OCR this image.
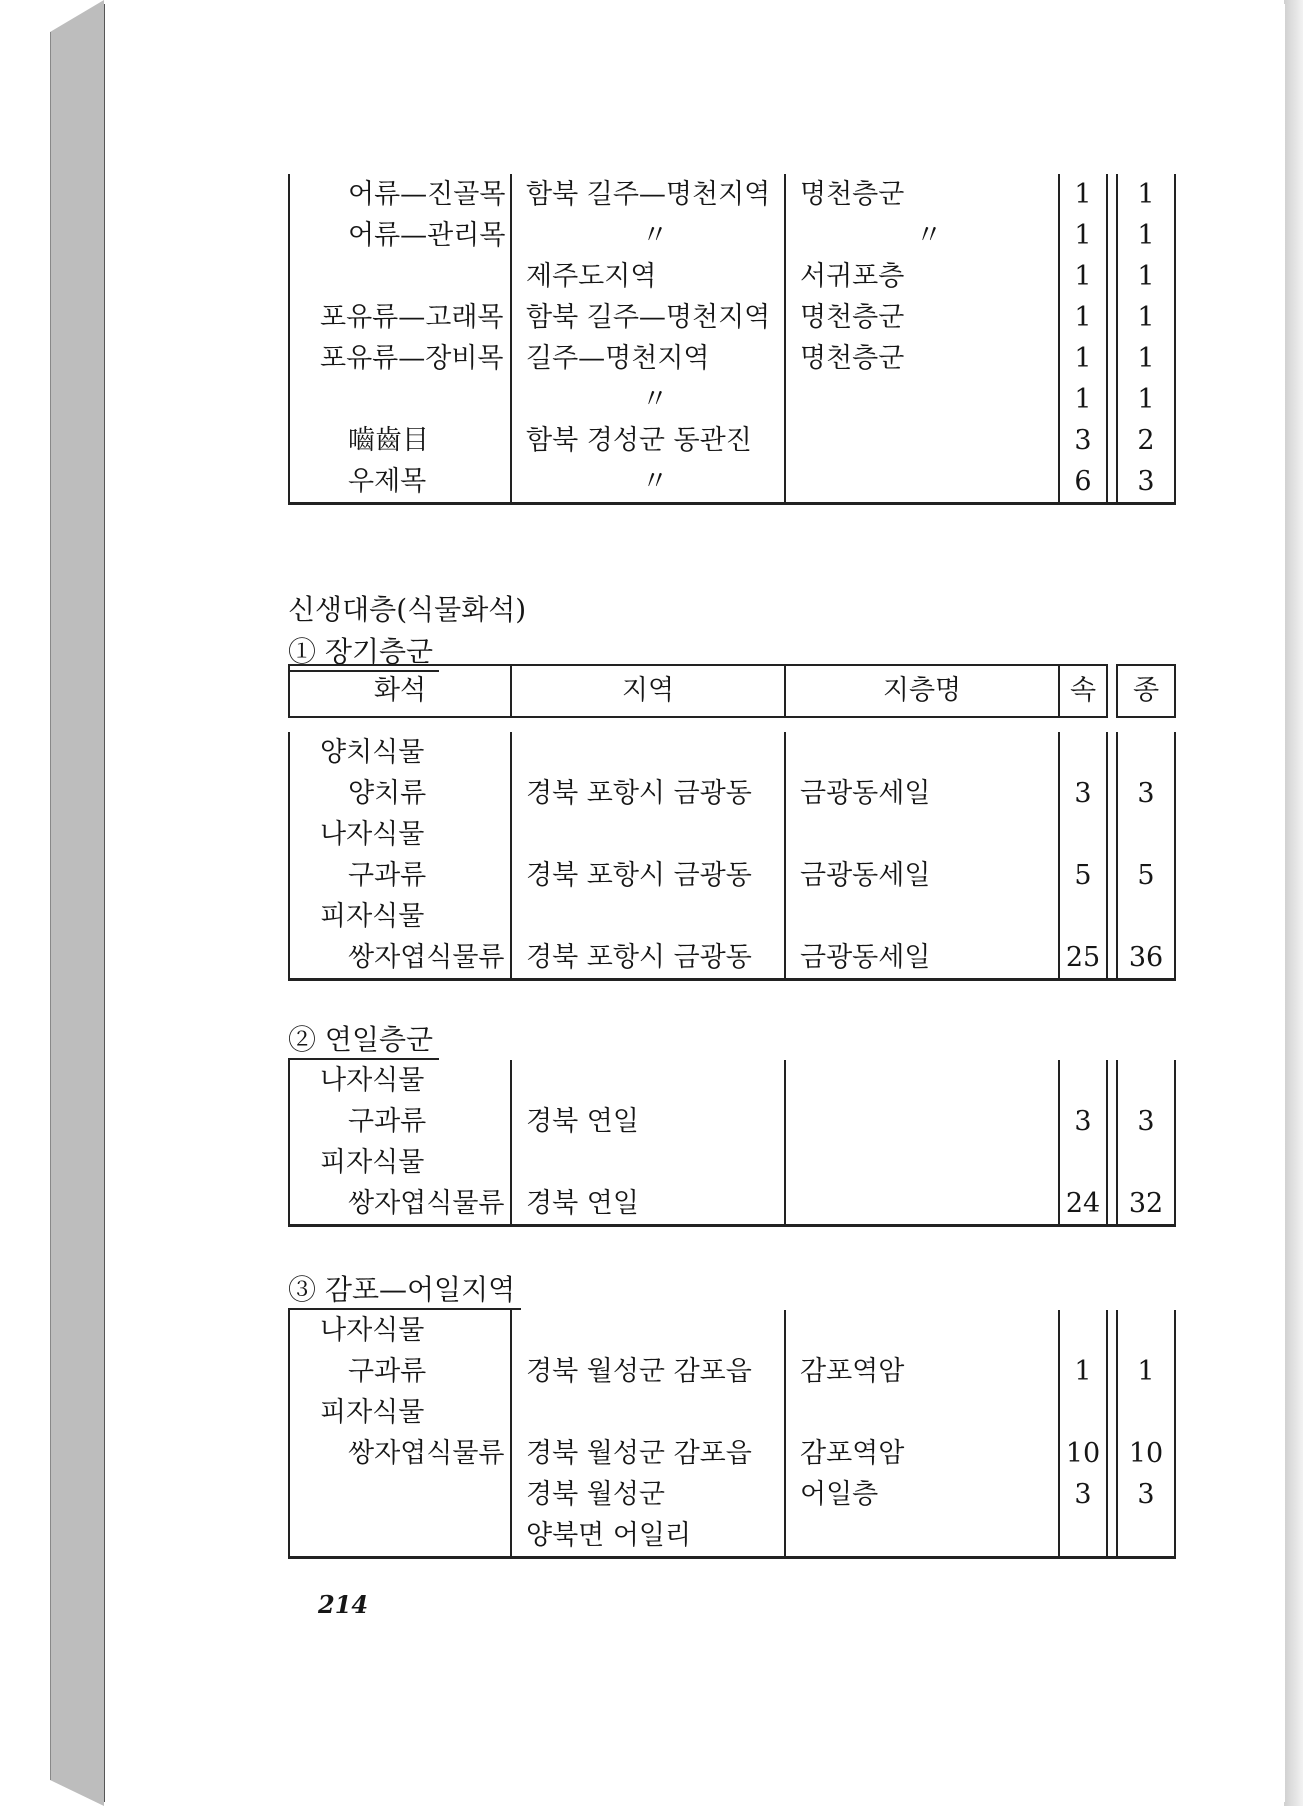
어류—진골목	함북 길주—명천지역	명천층군	1		1
어류—관리목	〃	〃	1		1
	제주도지역	서귀포층	1		1
포유류—고래목	함북 길주—명천지역	명천층군	1		1
포유류—장비목	길주—명천지역	명천층군	1		1
	〃		1		1
嚙齒目	함북 경성군 동관진		3		2
우제목	〃		6		3
신생대층(식물화석)
① 장기층군
화석	지역	지층명	속		종

양치식물					
양치류	경북 포항시 금광동	금광동세일	3		3
나자식물					
구과류	경북 포항시 금광동	금광동세일	5		5
피자식물					
쌍자엽식물류	경북 포항시 금광동	금광동세일	25		36
② 연일층군
나자식물					
구과류	경북 연일		3		3
피자식물					
쌍자엽식물류	경북 연일		24		32
③ 감포—어일지역
나자식물					
구과류	경북 월성군 감포읍	감포역암	1		1
피자식물					
쌍자엽식물류	경북 월성군 감포읍	감포역암	10		10
	경북 월성군	어일층	3		3
	양북면 어일리				
214
